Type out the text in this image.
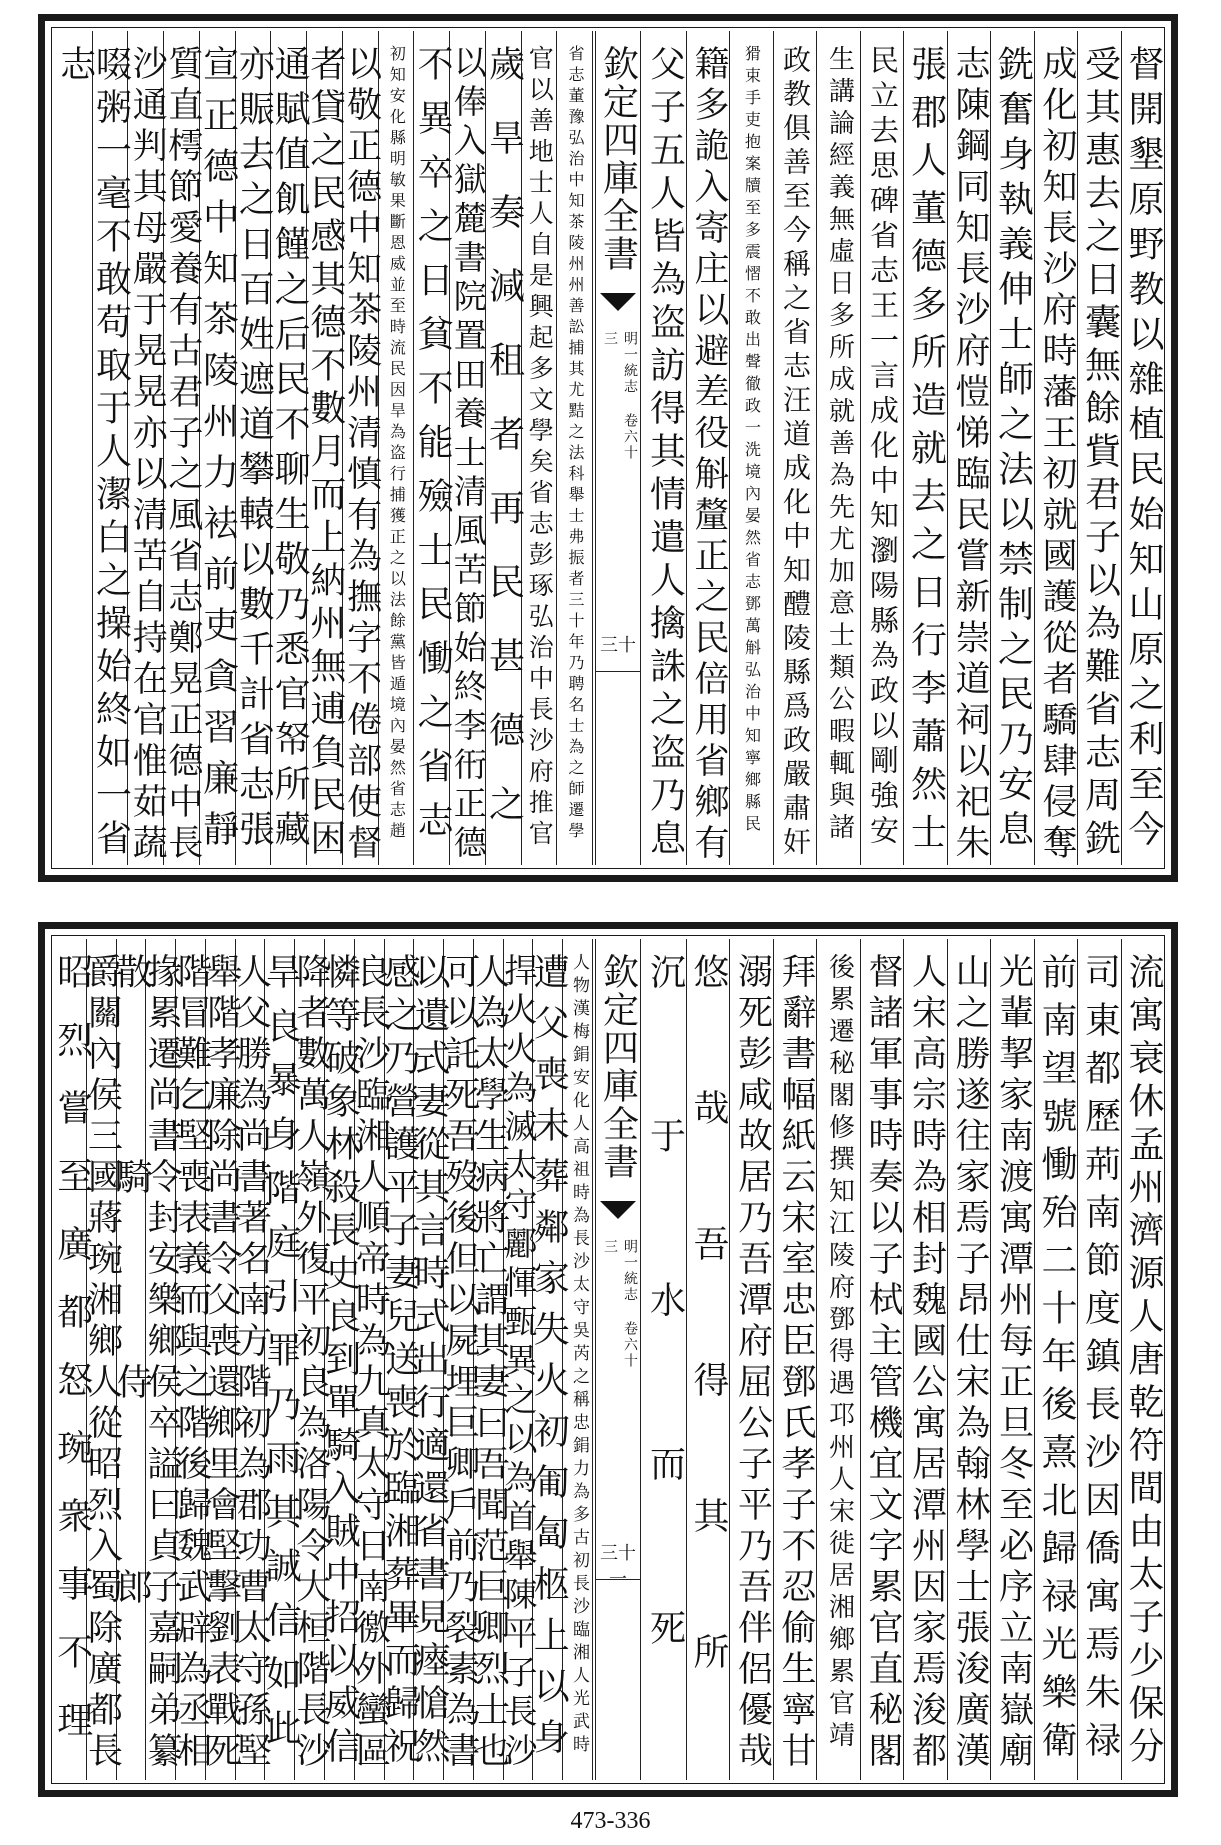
欽定四庫全書
明一統志 卷六十三
三十	督開墾原野教以雜植民始知山原之利至今
受其惠去之日囊無餘貲君子以為難省志周銑
成化初知長沙府時藩王初就國護從者驕肆侵奪
銑奮身執義伸士師之法以禁制之民乃安息
志陳鋼同知長沙府愷悌臨民嘗新崇道祠以祀朱
張郡人董德多所造就去之日行李蕭然士
民立去思碑省志王一言成化中知瀏陽縣為政以剛強安
生講論經義無虛日多所成就善為先尤加意士類公暇輒與諸
政教俱善至今稱之省志汪道成化中知醴陵縣爲政嚴肅奸
猾束手吏抱案牘至多震慴不敢出聲徹政一洗境內晏然省志鄧萬斛弘治中知寧鄉縣民
籍多詭入寄庄以避差役斛釐正之民倍用省鄉有
父子五人皆為盗訪得其情遣人擒誅之盗乃息
省志董豫弘治中知茶陵州州善訟捕其尤黠之法科舉士弗振者三十年乃聘名士為之師遷學
官以善地士人自是興起多文學矣省志彭琢弘治中長沙府推官
歲旱奏減租者再民甚德之
以俸入獄麓書院置田養士清風苦節始終李衎正德
不異卒之日貧不能殮士民慟之省志
初知安化縣明敏果斷恩威並至時流民因旱為盗行捕獲正之以法餘黨皆遁境內晏然省志趙
以敬正德中知茶陵州清慎有為撫字不倦部使督
者貸之民感其德不數月而上納州無逋負民困
通賦值飢饉之后民不聊生敬乃悉官帑所藏
亦賑去之日百姓遮道攀轅以數千計省志張
宣正德中知茶陵州力袪前吏貪習廉靜
質直樗節愛養有古君子之風省志鄭晃正德中長
沙通判其母嚴于晃晃亦以清苦自持在官惟茹蔬
啜粥一毫不敢苟取于人潔白之操始終如一省
志
欽定四庫全書
明一統志 卷六十三
三十一	流寓衰休孟州濟源人唐乾符間由太子少保分
司東都歷荊南節度鎮長沙因僑寓焉朱禄
前南望號慟殆二十年後熹北歸禄光樂衛
光輩挈家南渡寓潭州每正旦冬至必序立南嶽廟
山之勝遂往家焉子昂仕宋為翰林學士張浚廣漢
人宋高宗時為相封魏國公寓居潭州因家焉浚都
督諸軍事時奏以子栻主管機宜文字累官直秘閣
後累遷秘閣修撰知江陵府鄧得遇邛州人宋徙居湘鄉累官靖
拜辭書幅紙云宋室忠臣鄧氏孝子不忍偷生寧甘
溺死彭咸故居乃吾潭府屈公子平乃吾伴侶優哉
悠哉吾得其所
沉于水而死
人物漢梅鋗安化人高祖時為長沙太守吳芮之稱忠鋗力為多古初長沙臨湘人光武時
遭父喪未葬鄰家失火初匍匐柩上以身
捍火火為滅太守酈惲甄異之以為首舉陳平子長沙
人為太學生病將亡謂其妻曰吾聞范巨卿烈士也
可以託死吾歿後但以屍埋巨卿戶前乃裂素為書
以遺式妻從其言時式出行適還省書見瘞愴然
感之乃營護平子妻兒送喪於臨湘葬畢而歸祝
良長沙臨湘人順帝時為九真太守日南徼外蠻區
憐等破象林殺長史良到單騎入賊中招以威信
降者數萬人嶺外復平初良為洛陽令大桓階長沙
旱良暴身階庭引罪乃雨其誠信如此
人父勝為尚書著名南方階初為郡功曹太守孫堅
舉階孝廉除尚書令父喪還鄉里會堅擊劉表戰死
階冒難乞堅喪表義而與之階後歸魏武辟為丞相
掾累遷尚書令封安樂鄉侯卒謚曰貞子嘉嗣弟纂
散騎侍郎
爵關內侯三國蔣琬湘鄉人從昭烈入蜀除廣都長
昭烈嘗至廣都怒琬衆事不理
473-336
